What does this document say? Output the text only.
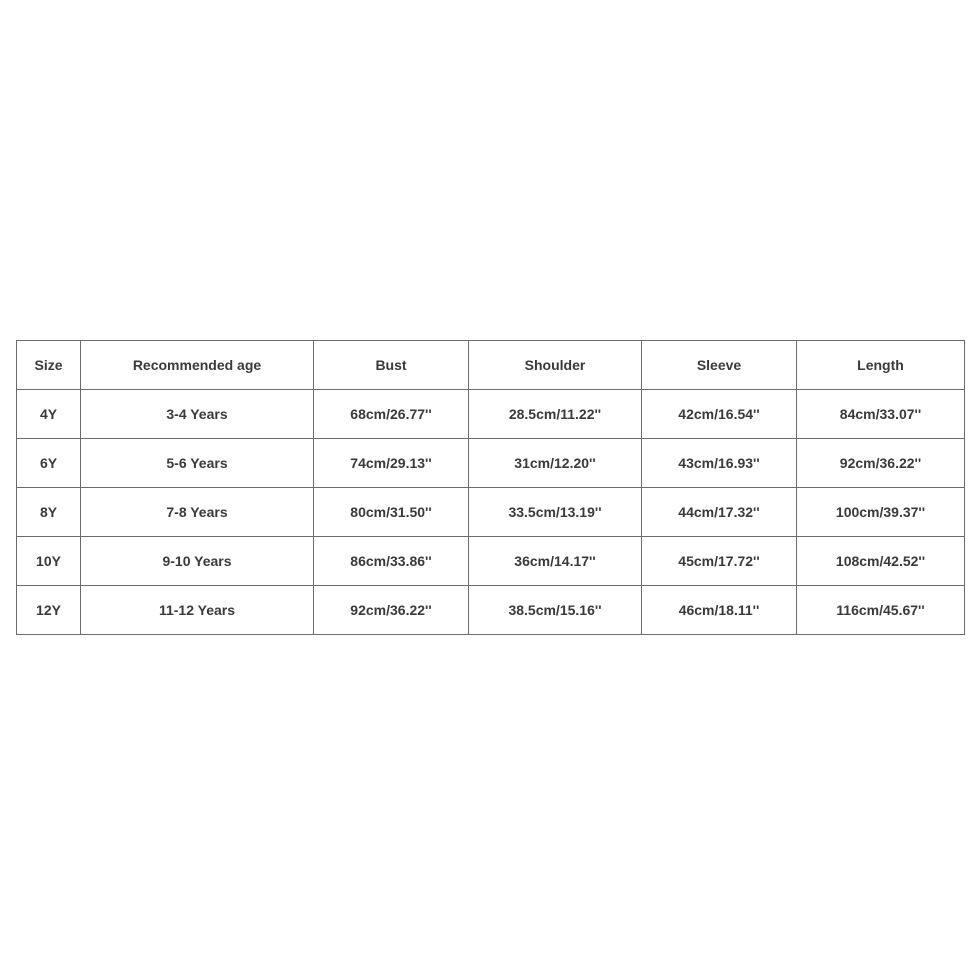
Size	Recommended age	Bust	Shoulder	Sleeve	Length
4Y	3-4 Years	68cm/26.77''	28.5cm/11.22''	42cm/16.54''	84cm/33.07''
6Y	5-6 Years	74cm/29.13''	31cm/12.20''	43cm/16.93''	92cm/36.22''
8Y	7-8 Years	80cm/31.50''	33.5cm/13.19''	44cm/17.32''	100cm/39.37''
10Y	9-10 Years	86cm/33.86''	36cm/14.17''	45cm/17.72''	108cm/42.52''
12Y	11-12 Years	92cm/36.22''	38.5cm/15.16''	46cm/18.11''	116cm/45.67''
